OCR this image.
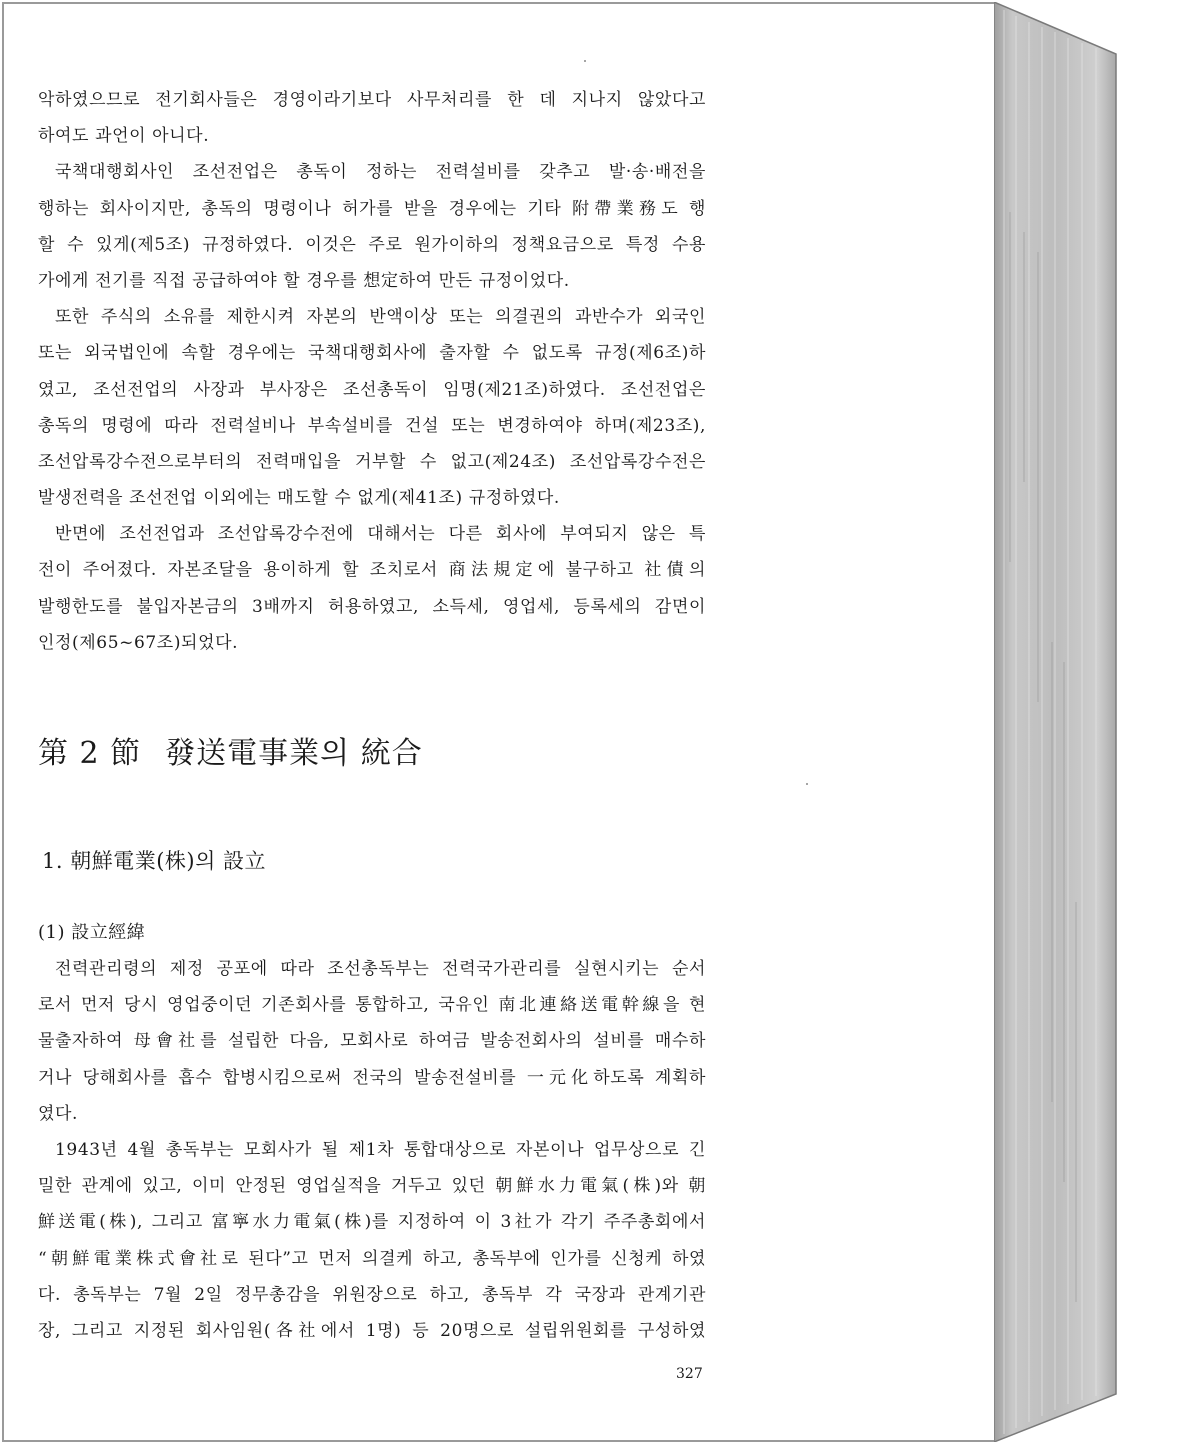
악하였으므로 전기회사들은 경영이라기보다 사무처리를 한 데 지나지 않았다고
하여도 과언이 아니다.
국책대행회사인 조선전업은 총독이 정하는 전력설비를 갖추고 발·송·배전을
행하는 회사이지만, 총독의 명령이나 허가를 받을 경우에는 기타 附帶業務도 행
할 수 있게(제5조) 규정하였다. 이것은 주로 원가이하의 정책요금으로 특정 수용
가에게 전기를 직접 공급하여야 할 경우를 想定하여 만든 규정이었다.
또한 주식의 소유를 제한시켜 자본의 반액이상 또는 의결권의 과반수가 외국인
또는 외국법인에 속할 경우에는 국책대행회사에 출자할 수 없도록 규정(제6조)하
였고, 조선전업의 사장과 부사장은 조선총독이 임명(제21조)하였다. 조선전업은
총독의 명령에 따라 전력설비나 부속설비를 건설 또는 변경하여야 하며(제23조),
조선압록강수전으로부터의 전력매입을 거부할 수 없고(제24조) 조선압록강수전은
발생전력을 조선전업 이외에는 매도할 수 없게(제41조) 규정하였다.
반면에 조선전업과 조선압록강수전에 대해서는 다른 회사에 부여되지 않은 특
전이 주어졌다. 자본조달을 용이하게 할 조치로서 商法規定에 불구하고 社債의
발행한도를 불입자본금의 3배까지 허용하였고, 소득세, 영업세, 등록세의 감면이
인정(제65~67조)되었다.
第 2 節 發送電事業의 統合
1. 朝鮮電業(株)의 設立
(1) 設立經緯
전력관리령의 제정 공포에 따라 조선총독부는 전력국가관리를 실현시키는 순서
로서 먼저 당시 영업중이던 기존회사를 통합하고, 국유인 南北連絡送電幹線을 현
물출자하여 母會社를 설립한 다음, 모회사로 하여금 발송전회사의 설비를 매수하
거나 당해회사를 흡수 합병시킴으로써 전국의 발송전설비를 一元化하도록 계획하
였다.
1943년 4월 총독부는 모회사가 될 제1차 통합대상으로 자본이나 업무상으로 긴
밀한 관계에 있고, 이미 안정된 영업실적을 거두고 있던 朝鮮水力電氣(株)와 朝
鮮送電(株), 그리고 富寧水力電氣(株)를 지정하여 이 3社가 각기 주주총회에서
“朝鮮電業株式會社로 된다”고 먼저 의결케 하고, 총독부에 인가를 신청케 하였
다. 총독부는 7월 2일 정무총감을 위원장으로 하고, 총독부 각 국장과 관계기관
장, 그리고 지정된 회사임원(各社에서 1명) 등 20명으로 설립위원회를 구성하였
327
